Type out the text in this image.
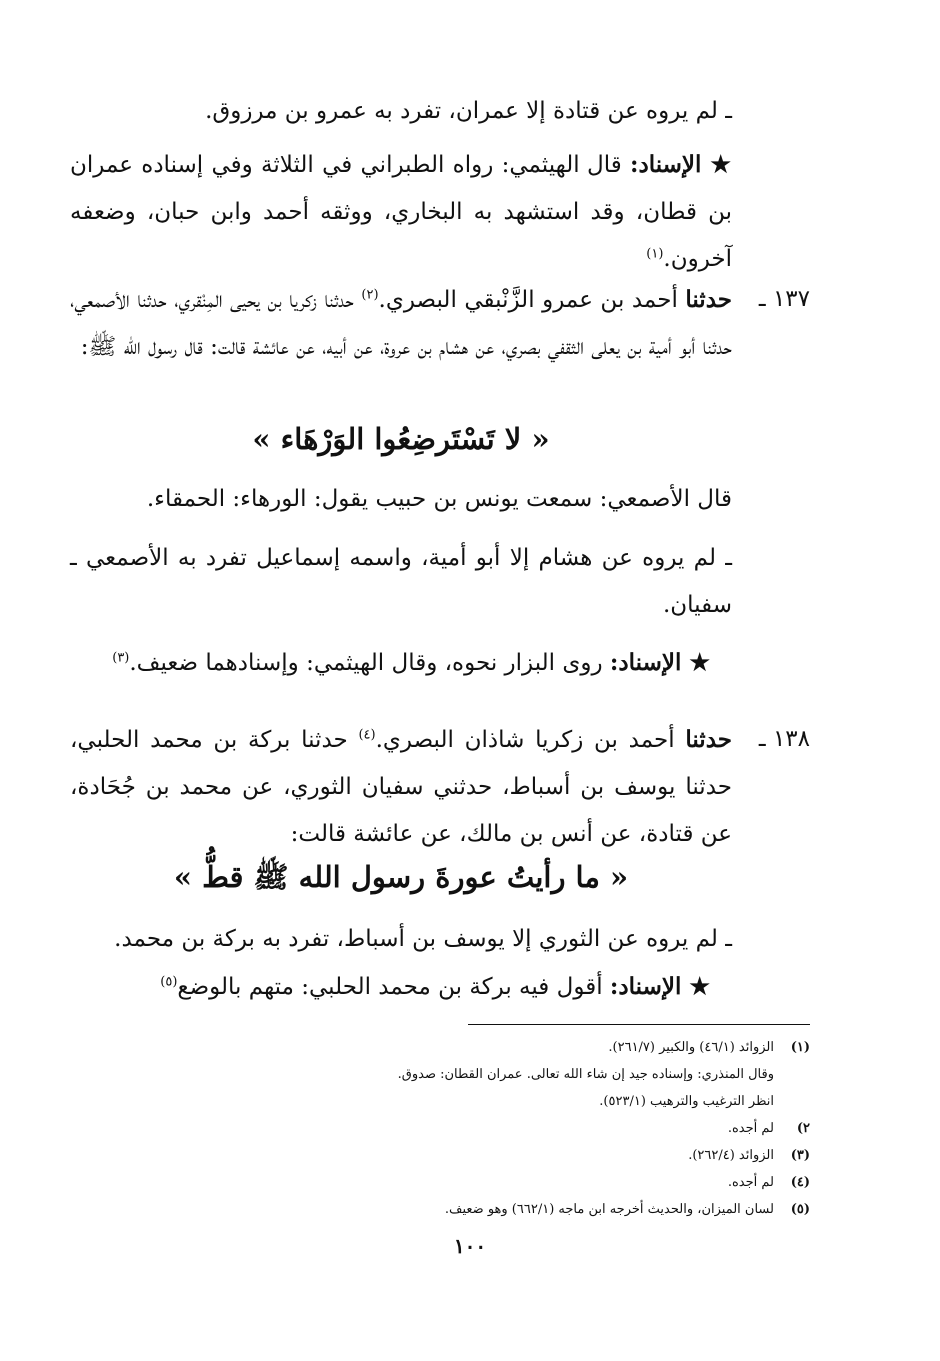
ـ لم يروه عن قتادة إلا عمران، تفرد به عمرو بن مرزوق.
★ الإسناد: قال الهيثمي: رواه الطبراني في الثلاثة وفي إسناده عمران بن قطان، وقد استشهد به البخاري، ووثقه أحمد وابن حبان، وضعفه آخرون.$^{(١)}$
١٣٧ ـ
حدثنا أحمد بن عمرو الزَّنْبقي البصري.$^{(٢)}$ حدثنا زكريا بن يحيى المِنْقري، حدثنا الأصمعي، حدثنا أبو أمية بن يعلى الثقفي بصري، عن هشام بن عروة، عن أبيه، عن عائشة قالت: قال رسول الله ﷺ:
« لا تَسْتَرضِعُوا الوَرْهَاء »
قال الأصمعي: سمعت يونس بن حبيب يقول: الورهاء: الحمقاء.
ـ لم يروه عن هشام إلا أبو أمية، واسمه إسماعيل تفرد به الأصمعي ـ سفيان.
★ الإسناد: روى البزار نحوه، وقال الهيثمي: وإسنادهما ضعيف.$^{(٣)}$
١٣٨ ـ
حدثنا أحمد بن زكريا شاذان البصري.$^{(٤)}$ حدثنا بركة بن محمد الحلبي، حدثنا يوسف بن أسباط، حدثني سفيان الثوري، عن محمد بن جُحَادة، عن قتادة، عن أنس بن مالك، عن عائشة قالت:
« ما رأيتُ عورةَ رسول الله ﷺ قطُّ »
ـ لم يروه عن الثوري إلا يوسف بن أسباط، تفرد به بركة بن محمد.
★ الإسناد: أقول فيه بركة بن محمد الحلبي: متهم بالوضع$^{(٥)}$
(١)
الزوائد (٤٦/١) والكبير (٢٦١/٧).
وقال المنذري: وإسناده جيد إن شاء الله تعالى. عمران القطان: صدوق.
انظر الترغيب والترهيب (٥٢٣/١).
٢)
لم أجده.
(٣)
الزوائد (٢٦٢/٤).
(٤)
لم أجده.
(٥)
لسان الميزان، والحديث أخرجه ابن ماجه (٦٦٢/١) وهو ضعيف.
١٠٠
